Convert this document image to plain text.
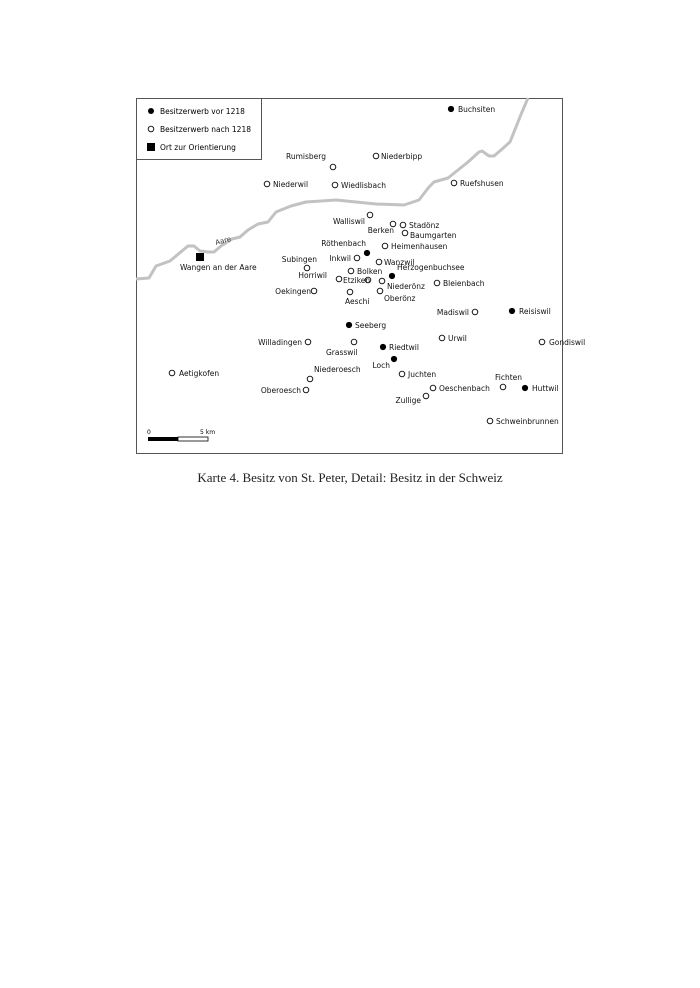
Aare
Besitzerwerb vor 1218
Besitzerwerb nach 1218
Ort zur Orientierung
0	5 km
Buchsiten
Rumisberg	Niederbipp
Niederwil	Wiedlisbach	Ruefshusen
Walliswil
Berken
Stadönz
Baumgarten
Röthenbach	Heimenhausen
Wangen an der Aare
Subingen Inkwil	Wanzwil
Bolken Herzogenbuchsee
Horriwil
Etziken
Niederönz Bleienbach
Oekingen
Aeschi Oberönz
Madiswil	Reisiswil
Seeberg
Willadingen	Urwil	Gondiswil
Grasswil
Riedtwil
Loch
Aetigkofen	Niederoesch
Juchten	Fichten
Oberoesch	Oeschenbach	Huttwil
Zullige
Schweinbrunnen
Karte 4. Besitz von St. Peter, Detail: Besitz in der Schweiz
